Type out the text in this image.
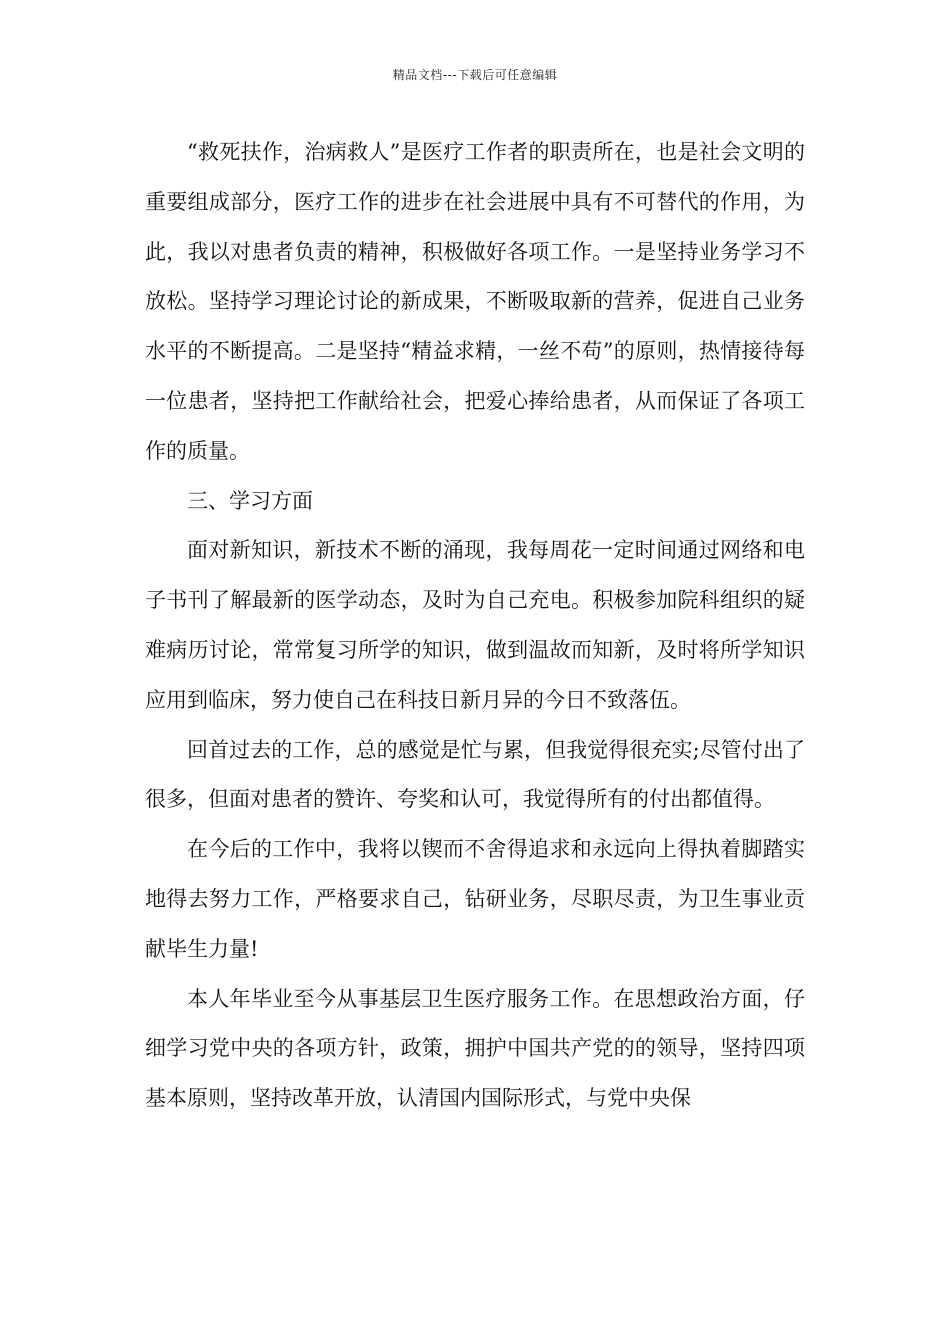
精品文档---下载后可任意编辑

“救死扶作，治病救人”是医疗工作者的职责所在，也是社会文明的重要组成部分，医疗工作的进步在社会进展中具有不可替代的作用，为此，我以对患者负责的精神，积极做好各项工作。一是坚持业务学习不放松。坚持学习理论讨论的新成果，不断吸取新的营养，促进自己业务水平的不断提高。二是坚持“精益求精，一丝不苟”的原则，热情接待每一位患者，坚持把工作献给社会，把爱心捧给患者，从而保证了各项工作的质量。

三、学习方面

面对新知识，新技术不断的涌现，我每周花一定时间通过网络和电子书刊了解最新的医学动态，及时为自己充电。积极参加院科组织的疑难病历讨论，常常复习所学的知识，做到温故而知新，及时将所学知识应用到临床，努力使自己在科技日新月异的今日不致落伍。

回首过去的工作，总的感觉是忙与累，但我觉得很充实;尽管付出了很多，但面对患者的赞许、夸奖和认可，我觉得所有的付出都值得。

在今后的工作中，我将以锲而不舍得追求和永远向上得执着脚踏实地得去努力工作，严格要求自己，钻研业务，尽职尽责，为卫生事业贡献毕生力量!

本人年毕业至今从事基层卫生医疗服务工作。在思想政治方面，仔细学习党中央的各项方针，政策，拥护中国共产党的的领导，坚持四项基本原则，坚持改革开放，认清国内国际形式，与党中央保
